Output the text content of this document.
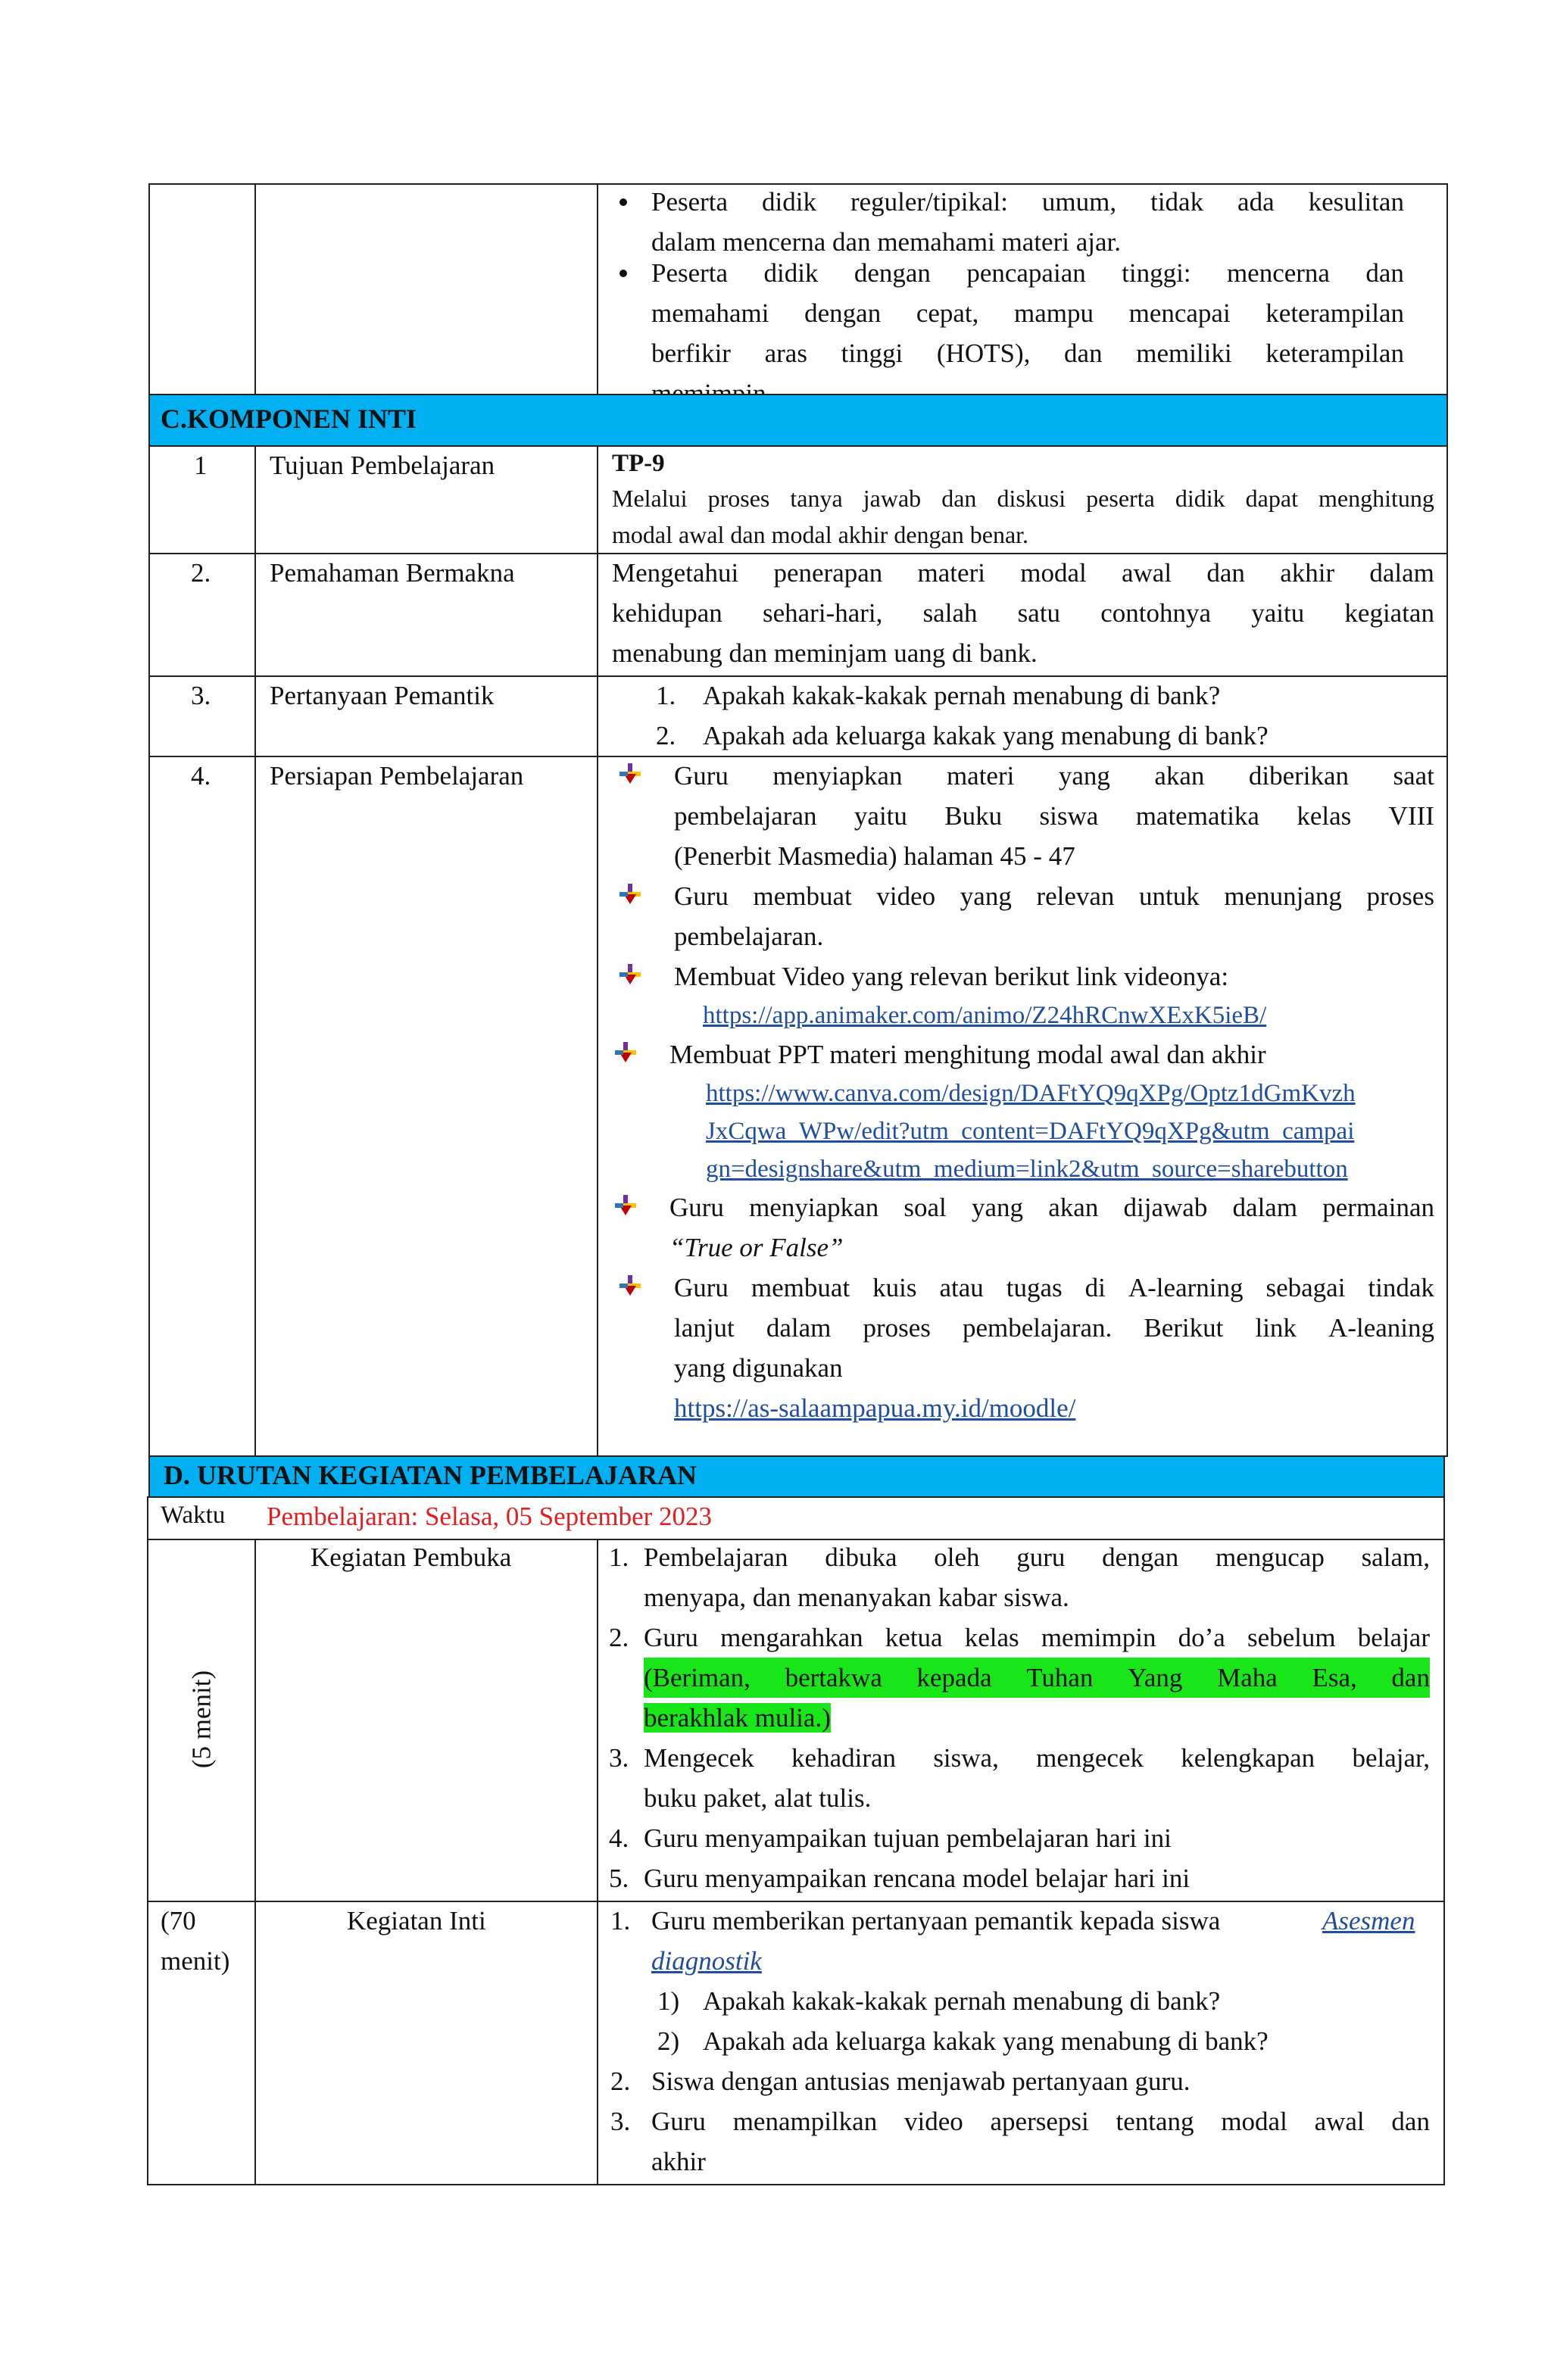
Peserta didik reguler/tipikal: umum, tidak ada kesulitan
dalam mencerna dan memahami materi ajar.
Peserta didik dengan pencapaian tinggi: mencerna dan
memahami dengan cepat, mampu mencapai keterampilan
berfikir aras tinggi (HOTS), dan memiliki keterampilan
C.KOMPONEN INTI
1 Tujuan Pembelajaran	TP-9
Melalui proses tanya jawab dan diskusi peserta didik dapat menghitung
modal awal dan modal akhir dengan benar.
2. Pemahaman Bermakna	Mengetahui penerapan materi modal awal dan akhir dalam
kehidupan sehari-hari, salah satu contohnya yaitu kegiatan
menabung dan meminjam uang di bank.
3. Pertanyaan Pemantik	1. Apakah kakak-kakak pernah menabung di bank?
2. Apakah ada keluarga kakak yang menabung di bank?
4. Persiapan Pembelajaran	Guru menyiapkan materi yang akan diberikan saat
pembelajaran yaitu Buku siswa matematika kelas VIII
(Penerbit Masmedia) halaman 45 - 47
Guru membuat video yang relevan untuk menunjang proses
pembelajaran.
Membuat Video yang relevan berikut link videonya:
https://app.animaker.com/animo/Z24hRCnwXExK5ieB/
Membuat PPT materi menghitung modal awal dan akhir
https://www.canva.com/design/DAFtYQ9qXPg/Optz1dGmKvzh
JxCqwa_WPw/edit?utm_content=DAFtYQ9qXPg&utm_campai
gn=designshare&utm_medium=link2&utm_source=sharebutton
Guru menyiapkan soal yang akan dijawab dalam permainan
“True or False”
Guru membuat kuis atau tugas di A-learning sebagai tindak
lanjut dalam proses pembelajaran. Berikut link A-leaning
yang digunakan
https://as-salaampapua.my.id/moodle/
D. URUTAN KEGIATAN PEMBELAJARAN
Waktu Pembelajaran: Selasa, 05 September 2023
(5 menit)
Kegiatan Pembuka	1. Pembelajaran dibuka oleh guru dengan mengucap salam,
menyapa, dan menanyakan kabar siswa.
2. Guru mengarahkan ketua kelas memimpin do’a sebelum belajar
(Beriman, bertakwa kepada Tuhan Yang Maha Esa, dan
berakhlak mulia.)
3. Mengecek kehadiran siswa, mengecek kelengkapan belajar,
buku paket, alat tulis.
4. Guru menyampaikan tujuan pembelajaran hari ini
5. Guru menyampaikan rencana model belajar hari ini
(70
menit)
Kegiatan Inti	1. Guru memberikan pertanyaan pemantik kepada siswa	Asesmen
diagnostik
1) Apakah kakak-kakak pernah menabung di bank?
2) Apakah ada keluarga kakak yang menabung di bank?
2. Siswa dengan antusias menjawab pertanyaan guru.
3. Guru menampilkan video apersepsi tentang modal awal dan
akhir
